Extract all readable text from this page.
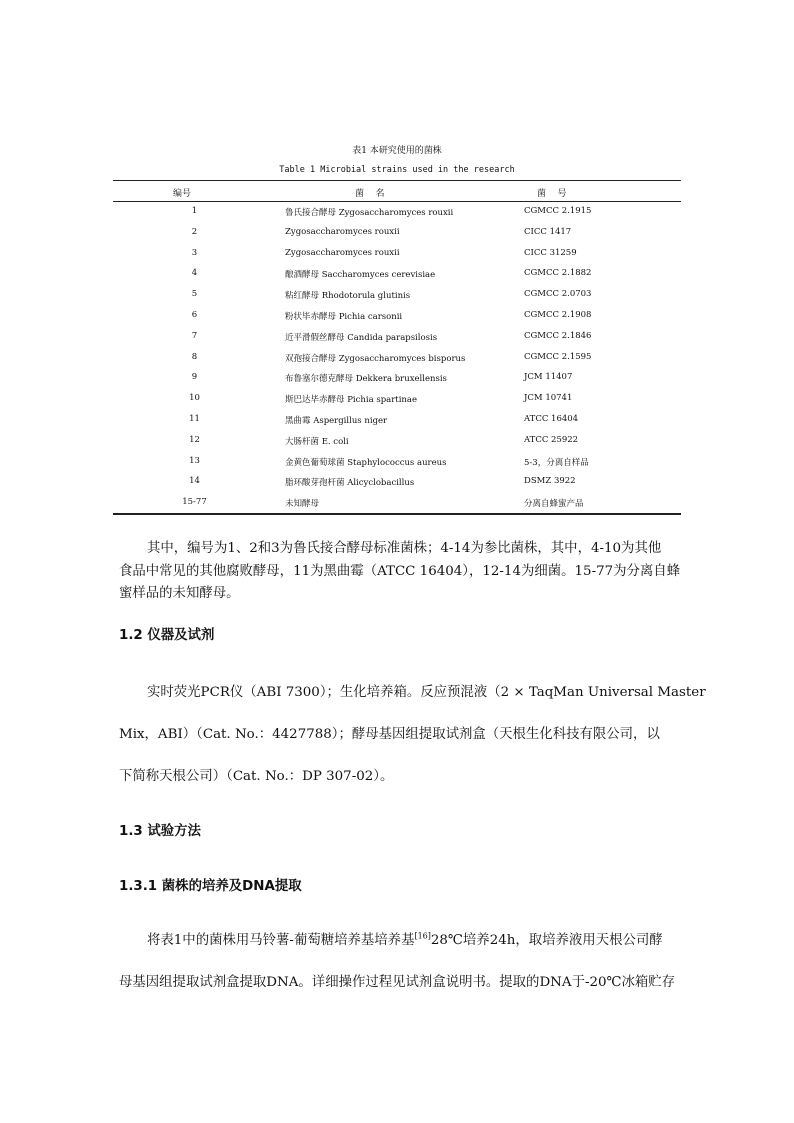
表1 本研究使用的菌株
Table 1 Microbial strains used in the research
编号	菌    名	菌    号
1	鲁氏接合酵母 Zygosaccharomyces rouxii	CGMCC 2.1915
2	Zygosaccharomyces rouxii	CICC 1417
3	Zygosaccharomyces rouxii	CICC 31259
4	酿酒酵母 Saccharomyces cerevisiae	CGMCC 2.1882
5	粘红酵母 Rhodotorula glutinis	CGMCC 2.0703
6	粉状毕赤酵母 Pichia carsonii	CGMCC 2.1908
7	近平滑假丝酵母 Candida parapsilosis	CGMCC 2.1846
8	双孢接合酵母 Zygosaccharomyces bisporus	CGMCC 2.1595
9	布鲁塞尔德克酵母 Dekkera bruxellensis	JCM 11407
10	斯巴达毕赤酵母 Pichia spartinae	JCM 10741
11	黑曲霉 Aspergillus niger	ATCC 16404
12	大肠杆菌 E. coli	ATCC 25922
13	金黄色葡萄球菌 Staphylococcus aureus	5-3，分离自样品
14	脂环酸芽孢杆菌 Alicyclobacillus	DSMZ 3922
15-77	未知酵母	分离自蜂蜜产品
其中，编号为1、2和3为鲁氏接合酵母标准菌株；4-14为参比菌株，其中，4-10为其他
食品中常见的其他腐败酵母，11为黑曲霉（ATCC 16404），12-14为细菌。15-77为分离自蜂
蜜样品的未知酵母。
1.2 仪器及试剂
实时荧光PCR仪（ABI 7300）；生化培养箱。反应预混液（2 × TaqMan Universal Master
Mix，ABI）（Cat. No.：4427788）；酵母基因组提取试剂盒（天根生化科技有限公司，以
下简称天根公司）（Cat. No.：DP 307-02）。
1.3 试验方法
1.3.1 菌株的培养及DNA提取
将表1中的菌株用马铃薯-葡萄糖培养基培养基[16]28℃培养24h，取培养液用天根公司酵
母基因组提取试剂盒提取DNA。详细操作过程见试剂盒说明书。提取的DNA于-20℃冰箱贮存
